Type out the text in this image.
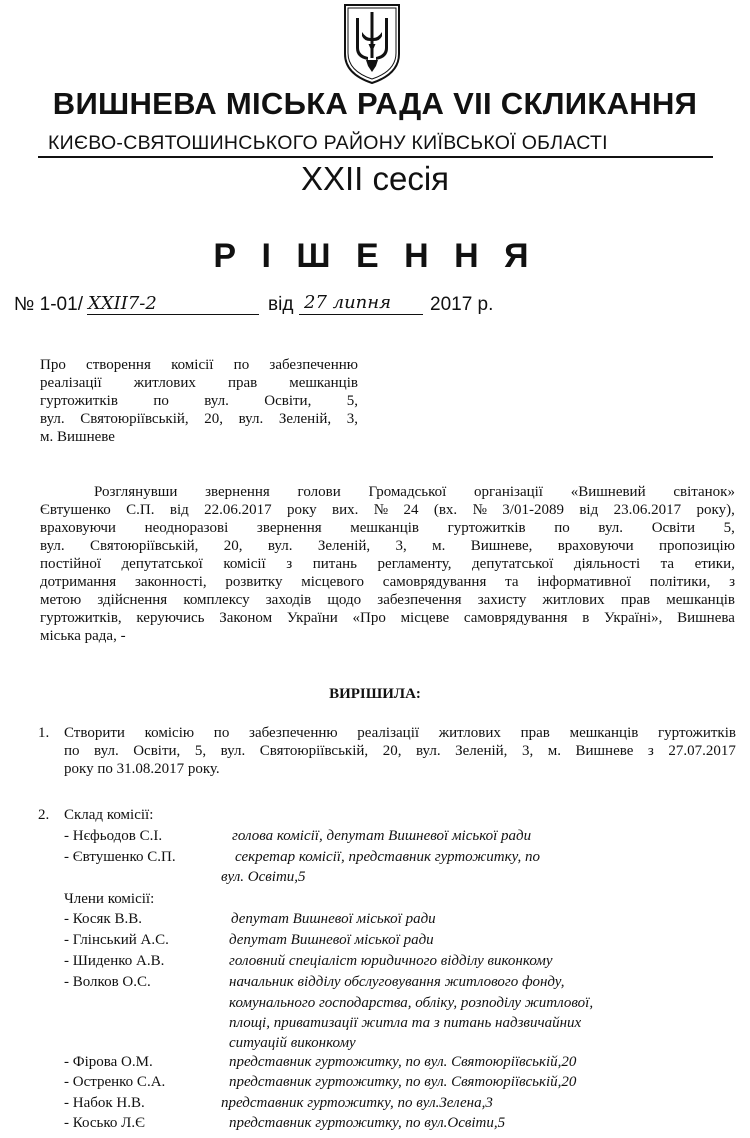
ВИШНЕВА МІСЬКА РАДА VII СКЛИКАННЯ
КИЄВО-СВЯТОШИНСЬКОГО РАЙОНУ КИЇВСЬКОЇ ОБЛАСТІ
ХХІІ сесія
Р І Ш Е Н Н Я
№ 1-01/ XXII7-2	від 27 липня 2017 р.
Про створення комісії по забезпеченню
реалізації житлових прав мешканців
гуртожитків по вул. Освіти, 5,
вул. Святоюріївській, 20, вул. Зеленій, 3,
м. Вишневе
Розглянувши звернення голови Громадської організації «Вишневий світанок»
Євтушенко С.П. від 22.06.2017 року вих. № 24 (вх. № 3/01-2089 від 23.06.2017 року),
враховуючи неодноразові звернення мешканців гуртожитків по вул. Освіти 5,
вул. Святоюріївській, 20, вул. Зеленій, 3, м. Вишневе, враховуючи пропозицію
постійної депутатської комісії з питань регламенту, депутатської діяльності та етики,
дотримання законності, розвитку місцевого самоврядування та інформативної політики, з
метою здійснення комплексу заходів щодо забезпечення захисту житлових прав мешканців
гуртожитків, керуючись Законом України «Про місцеве самоврядування в Україні», Вишнева
міська рада, -
ВИРІШИЛА:
1. Створити комісію по забезпеченню реалізації житлових прав мешканців гуртожитків
по вул. Освіти, 5, вул. Святоюріївській, 20, вул. Зеленій, 3, м. Вишневе з 27.07.2017
року по 31.08.2017 року.
2. Склад комісії:
- Нєфьодов С.І.	голова комісії, депутат Вишневої міської ради
- Євтушенко С.П.	секретар комісії, представник гуртожитку, по
вул. Освіти,5
Члени комісії:
- Косяк В.В.	депутат Вишневої міської ради
- Глінський А.С.	депутат Вишневої міської ради
- Шиденко А.В.	головний спеціаліст юридичного відділу виконкому
- Волков О.С.	начальник відділу обслуговування житлового фонду,
комунального господарства, обліку, розподілу житлової,
площі, приватизації житла та з питань надзвичайних
ситуацій виконкому
- Фірова О.М.	представник гуртожитку, по вул. Святоюріївській,20
- Остренко С.А.	представник гуртожитку, по вул. Святоюріївській,20
- Набок Н.В.	представник гуртожитку, по вул.Зелена,3
- Косько Л.Є	представник гуртожитку, по вул.Освіти,5
